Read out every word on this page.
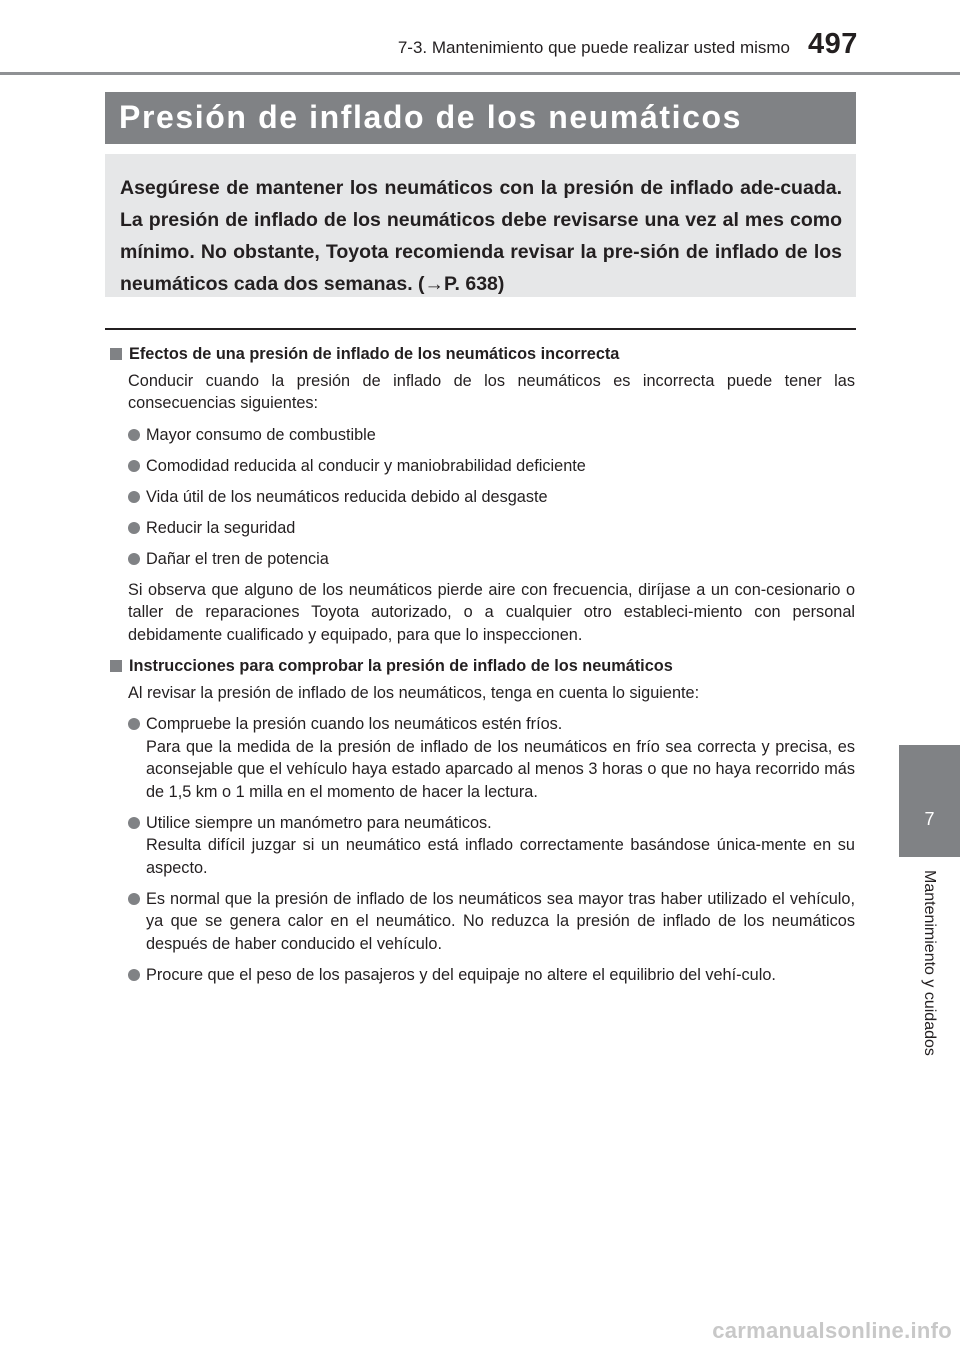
7-3. Mantenimiento que puede realizar usted mismo 497
Presión de inflado de los neumáticos
Asegúrese de mantener los neumáticos con la presión de inflado ade-cuada. La presión de inflado de los neumáticos debe revisarse una vez al mes como mínimo. No obstante, Toyota recomienda revisar la pre-sión de inflado de los neumáticos cada dos semanas. (→P. 638)
Efectos de una presión de inflado de los neumáticos incorrecta
Conducir cuando la presión de inflado de los neumáticos es incorrecta puede tener las consecuencias siguientes:
Mayor consumo de combustible
Comodidad reducida al conducir y maniobrabilidad deficiente
Vida útil de los neumáticos reducida debido al desgaste
Reducir la seguridad
Dañar el tren de potencia
Si observa que alguno de los neumáticos pierde aire con frecuencia, diríjase a un con-cesionario o taller de reparaciones Toyota autorizado, o a cualquier otro estableci-miento con personal debidamente cualificado y equipado, para que lo inspeccionen.
Instrucciones para comprobar la presión de inflado de los neumáticos
Al revisar la presión de inflado de los neumáticos, tenga en cuenta lo siguiente:
Compruebe la presión cuando los neumáticos estén fríos.
Para que la medida de la presión de inflado de los neumáticos en frío sea correcta y precisa, es aconsejable que el vehículo haya estado aparcado al menos 3 horas o que no haya recorrido más de 1,5 km o 1 milla en el momento de hacer la lectura.
Utilice siempre un manómetro para neumáticos.
Resulta difícil juzgar si un neumático está inflado correctamente basándose única-mente en su aspecto.
Es normal que la presión de inflado de los neumáticos sea mayor tras haber utilizado el vehículo, ya que se genera calor en el neumático. No reduzca la presión de inflado de los neumáticos después de haber conducido el vehículo.
Procure que el peso de los pasajeros y del equipaje no altere el equilibrio del vehí-culo.
7
Mantenimiento y cuidados
carmanualsonline.info
